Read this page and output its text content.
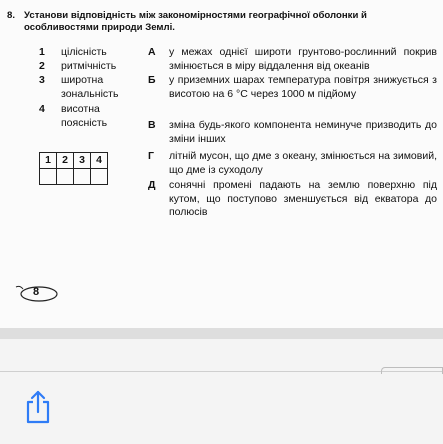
8. Установи відповідність між закономірностями географічної оболонки й особливостями природи Землі.
1	цілісність
2	ритмічність
3	широтна зональність
4	висотна поясність
А у межах однієї широти грунтово-рослинний покрив змінюється в міру віддалення від океанів
Б у приземних шарах температура повітря знижується з висотою на 6 °С через 1000 м підйому
В зміна будь-якого компонента неминуче призводить до зміни інших
Г літній мусон, що дме з океану, змінюється на зимовий, що дме із суходолу
Д сонячні промені падають на землю поверхню під кутом, що поступово зменшується від екватора до полюсів
1	2	3	4

8
